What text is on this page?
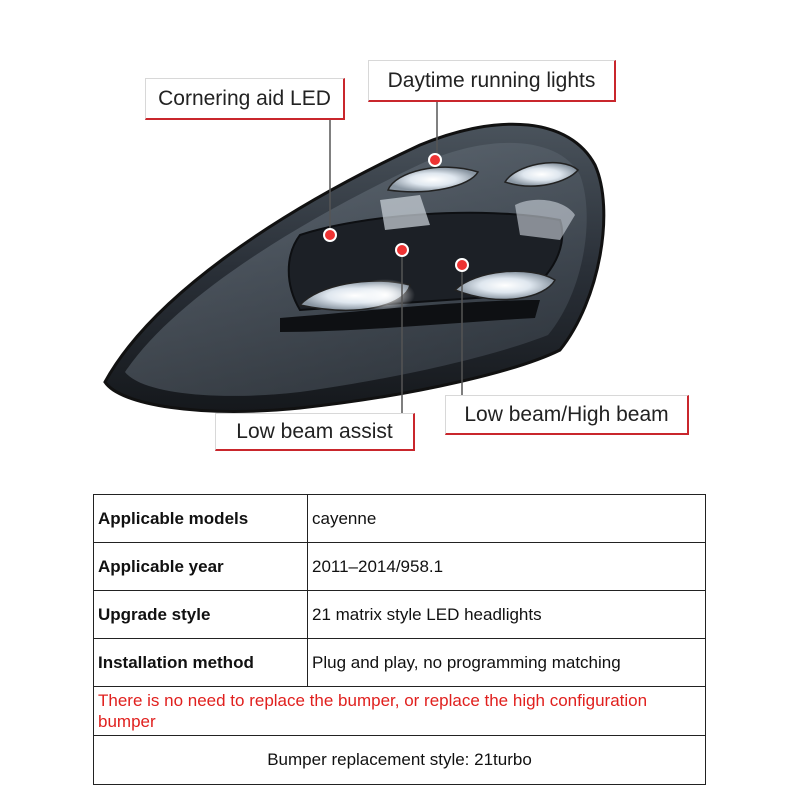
Cornering aid LED
Daytime running lights
Low beam/High beam
Low beam assist
Applicable models	cayenne
Applicable year	2011–2014/958.1
Upgrade style	21 matrix style LED headlights
Installation method	Plug and play, no programming matching
There is no need to replace the bumper, or replace the high configuration bumper	
Bumper replacement style: 21turbo	
